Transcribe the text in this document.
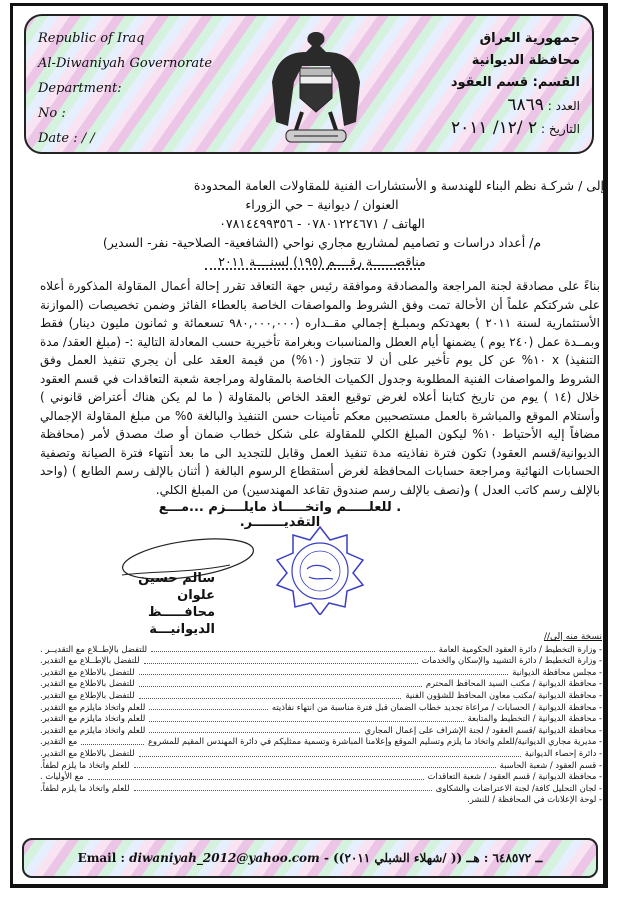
Republic of Iraq
Al-Diwaniyah Governorate
Department:
No :
Date : / /
جمهورية العراق
محافظة الديوانية
القسم: قسم العقود
العدد : ٦٨٦٩
التاريخ : ٢ /١٢/ ٢٠١١
إلى / شركـة نظم البناء للهندسة و الأستشارات الفنية للمقاولات العامة المحدودة
العنوان / ديوانية – حي الزوراء
الهاتف / ٠٧٨٠١٢٢٤٦٧١ - ٠٧٨١٤٤٩٩٣٥٦
م/ أعداد دراسات و تصاميم لمشاريع مجاري نواحي (الشافعية- الصلاحية- نفر- السدير)
مناقصــــــة رقــــم (١٩٥) لسنــــة ٢٠١١
بناءً على مصادقة لجنة المراجعة والمصادقة وموافقة رئيس جهة التعاقد تقرر إحالة أعمال المقاولة المذكورة أعلاه على شركتكم علماً أن الأحالة تمت وفق الشروط والمواصفات الخاصة بالعطاء الفائز وضمن تخصيصات (الموازنة الأستثمارية لسنة ٢٠١١ ) بعهدتكم وبمبلـغ إجمالي مقــداره (٩٨٠,٠٠٠,٠٠٠ تسعمائة و ثمانون مليون دينار) فقط وبمــدة عمل (٢٤٠ يوم ) يضمنها أيام العطل والمناسبات وبغرامة تأخيرية حسب المعادلة التالية :- (مبلغ العقد/ مدة التنفيذ) x ١٠% عن كل يوم تأخير على أن لا تتجاوز (١٠%) من قيمة العقد على أن يجري تنفيذ العمل وفق الشروط والمواصفات الفنية المطلوبة وجدول الكميات الخاصة بالمقاولة ومراجعة شعبة التعاقدات في قسم العقود خلال (١٤ ) يوم من تاريخ كتابنا أعلاه لغرض توقيع العقد الخاص بالمقاولة ( ما لم يكن هناك أعتراض قانوني ) وأستلام الموقع والمباشرة بالعمل مستصحبين معكم تأمينات حسن التنفيذ والبالغة ٥% من مبلغ المقاولة الإجمالي مضافاً إليه الأحتياط ١٠% ليكون المبلغ الكلي للمقاولة على شكل خطاب ضمان أو صك مصدق لأمر (محافظة الديوانية/قسم العقود) تكون فترة نفاذيته مدة تنفيذ العمل وقابل للتجديد الى ما بعد أنتهاء فترة الصيانة وتصفية الحسابات النهائية ومراجعة حسابات المحافظة لغرض أستقطاع الرسوم البالغة ( أثنان بالإلف رسم الطابع ) (واحد بالإلف رسم كاتب العدل ) و(نصف بالإلف رسم صندوق تقاعد المهندسين) من المبلغ الكلي.
. للعلـــــم واتخـــــاذ مايلــــزم ...مـــع التقديـــــــر.
سالم حسين علوان
محافـــــظ الديوانيـــة	نسخة منه إلى//
- وزارة التخطيط / دائرة العقود الحكومية العامة
للتفضل بالإطــلاع مع التقديــر .
- وزارة التخطيط / دائرة التشييد والإسكان والخدمات
للتفضل بالإطــلاع مع التقدير.
- مجلس محافظة الديوانية
للتفضل بالاطلاع مع التقدير.
- محافظة الديوانية / مكتب السيد المحافظ المحترم
للتفضل بالاطلاع مع التقدير.
- محافظة الديوانية /مكتب معاون المحافظ للشؤون الفنية
للتفضل بالإطلاع مع التقدير.
- محافظة الديوانية / الحسابات / مراعاة تجديد خطاب الضمان قبل فترة مناسبة من انتهاء نفاذيته
للعلم واتخاذ مايلزم مع التقدير.
- محافظة الديوانية / التخطيط والمتابعة
للعلم واتخاذ مايلزم مع التقدير.
- محافظة الديوانية /قسم العقود / لجنة الإشراف على إعمال المجاري
للعلم واتخاذ مايلزم مع التقدير.
- مديرية مجاري الديوانية/للعلم واتخاذ ما يلزم وتسليم الموقع وإعلامنا المباشرة وتسمية ممثليكم في دائرة المهندس المقيم للمشروع
مع التقدير.
- دائرة إحصاء الديوانية
للتفضل بالاطلاع مع التقدير.
- قسم العقود / شعبة الحاسبة
للعلم واتخاذ ما يلزم لطفاً.
- محافظة الديوانية / قسم العقود / شعبة التعاقدات
مع الأوليات .
- لجان التحليل كافة/ لجنة الاعتراضات والشكاوى
للعلم واتخاذ ما يلزم لطفاً.
- لوحة الإعلانات في المحافظة / للنشر.
Email : diwaniyah_2012@yahoo.com - ((شهلاء الشبلي ٢٠١١/ )) ــ ٦٤٨٥٧٢ : هــ
